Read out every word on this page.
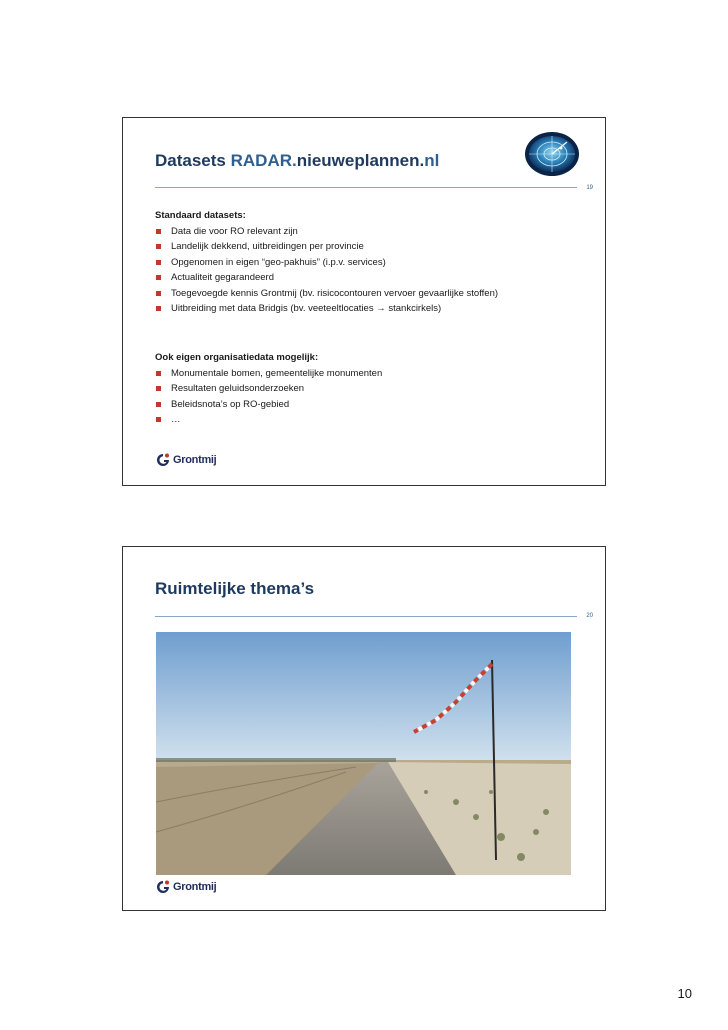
Datasets RADAR.nieuweplannen.nl
19
Standaard datasets:
Data die voor RO relevant zijn
Landelijk dekkend, uitbreidingen per provincie
Opgenomen in eigen “geo-pakhuis” (i.p.v. services)
Actualiteit gegarandeerd
Toegevoegde kennis Grontmij (bv. risicocontouren vervoer gevaarlijke stoffen)
Uitbreiding met data Bridgis (bv. veeteeltlocaties → stankcirkels)
Ook eigen organisatiedata mogelijk:
Monumentale bomen, gemeentelijke monumenten
Resultaten geluidsonderzoeken
Beleidsnota’s op RO-gebied
…
Grontmij
Ruimtelijke thema’s
20
Grontmij
10
